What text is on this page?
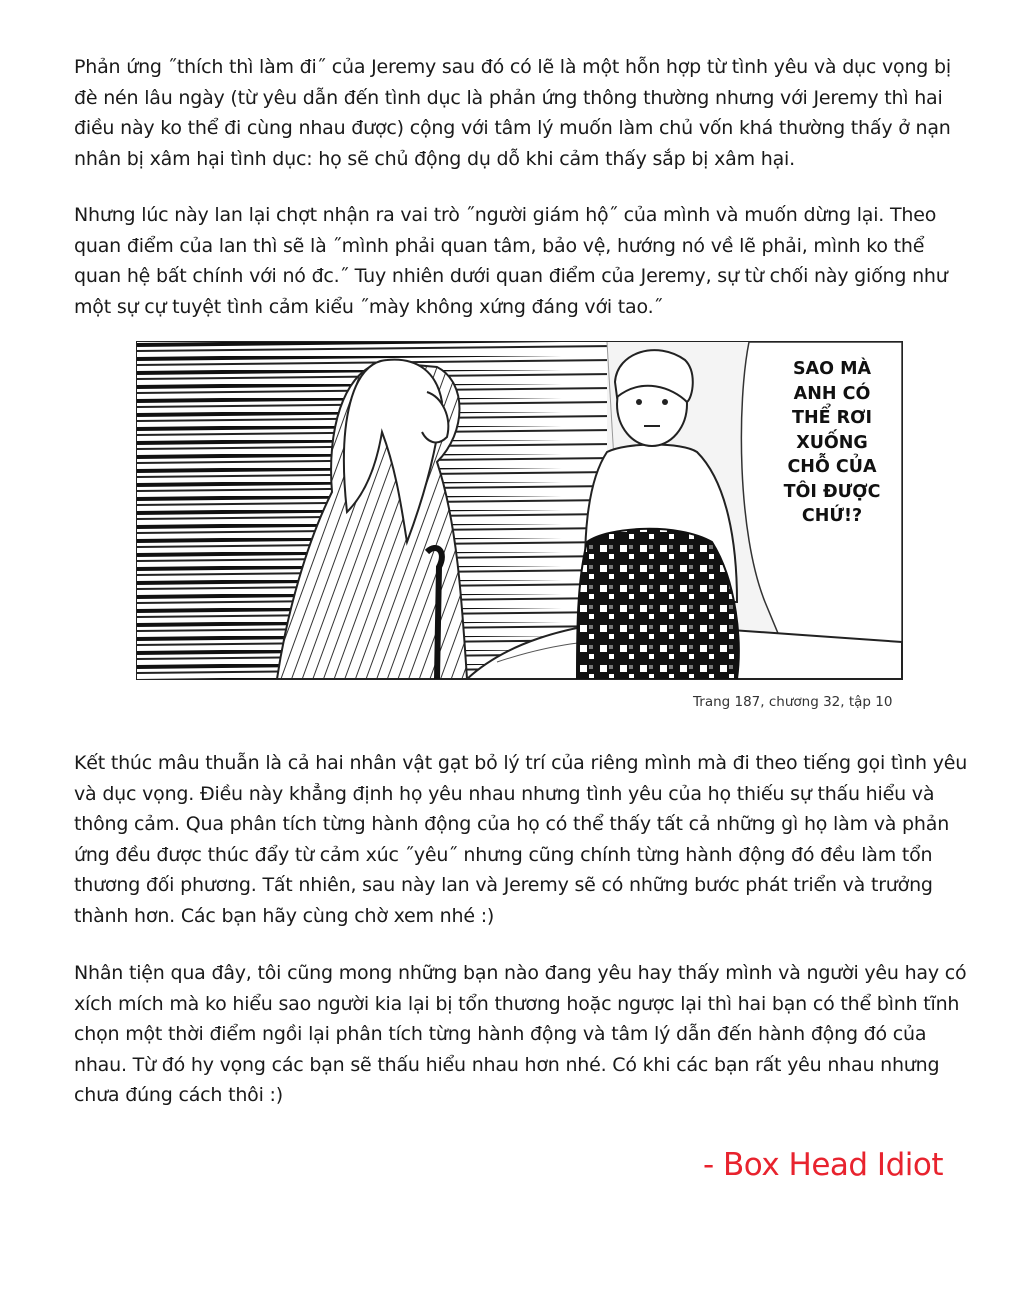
Phản ứng ˝thích thì làm đi˝ của Jeremy sau đó có lẽ là một hỗn hợp từ tình yêu và dục vọng bị đè nén lâu ngày (từ yêu dẫn đến tình dục là phản ứng thông thường nhưng với Jeremy thì hai điều này ko thể đi cùng nhau được) cộng với tâm lý muốn làm chủ vốn khá thường thấy ở nạn nhân bị xâm hại tình dục: họ sẽ chủ động dụ dỗ khi cảm thấy sắp bị xâm hại.

Nhưng lúc này lan lại chợt nhận ra vai trò ˝người giám hộ˝ của mình và muốn dừng lại. Theo quan điểm của lan thì sẽ là ˝mình phải quan tâm, bảo vệ, hướng nó về lẽ phải, mình ko thể quan hệ bất chính với nó đc.˝ Tuy nhiên dưới quan điểm của Jeremy, sự từ chối này giống như một sự cự tuyệt tình cảm kiểu ˝mày không xứng đáng với tao.˝

SAO MÀ
ANH CÓ
THỂ RƠI
XUỐNG
CHỖ CỦA
TÔI ĐƯỢC
CHỨ!?
Trang 187, chương 32, tập 10

Kết thúc mâu thuẫn là cả hai nhân vật gạt bỏ lý trí của riêng mình mà đi theo tiếng gọi tình yêu và dục vọng. Điều này khẳng định họ yêu nhau nhưng tình yêu của họ thiếu sự thấu hiểu và thông cảm. Qua phân tích từng hành động của họ có thể thấy tất cả những gì họ làm và phản ứng đều được thúc đẩy từ cảm xúc ˝yêu˝ nhưng cũng chính từng hành động đó đều làm tổn thương đối phương. Tất nhiên, sau này lan và Jeremy sẽ có những bước phát triển và trưởng thành hơn. Các bạn hãy cùng chờ xem nhé :)

Nhân tiện qua đây, tôi cũng mong những bạn nào đang yêu hay thấy mình và người yêu hay có xích mích mà ko hiểu sao người kia lại bị tổn thương hoặc ngược lại thì hai bạn có thể bình tĩnh chọn một thời điểm ngồi lại phân tích từng hành động và tâm lý dẫn đến hành động đó của nhau. Từ đó hy vọng các bạn sẽ thấu hiểu nhau hơn nhé. Có khi các bạn rất yêu nhau nhưng chưa đúng cách thôi :)

- Box Head Idiot
